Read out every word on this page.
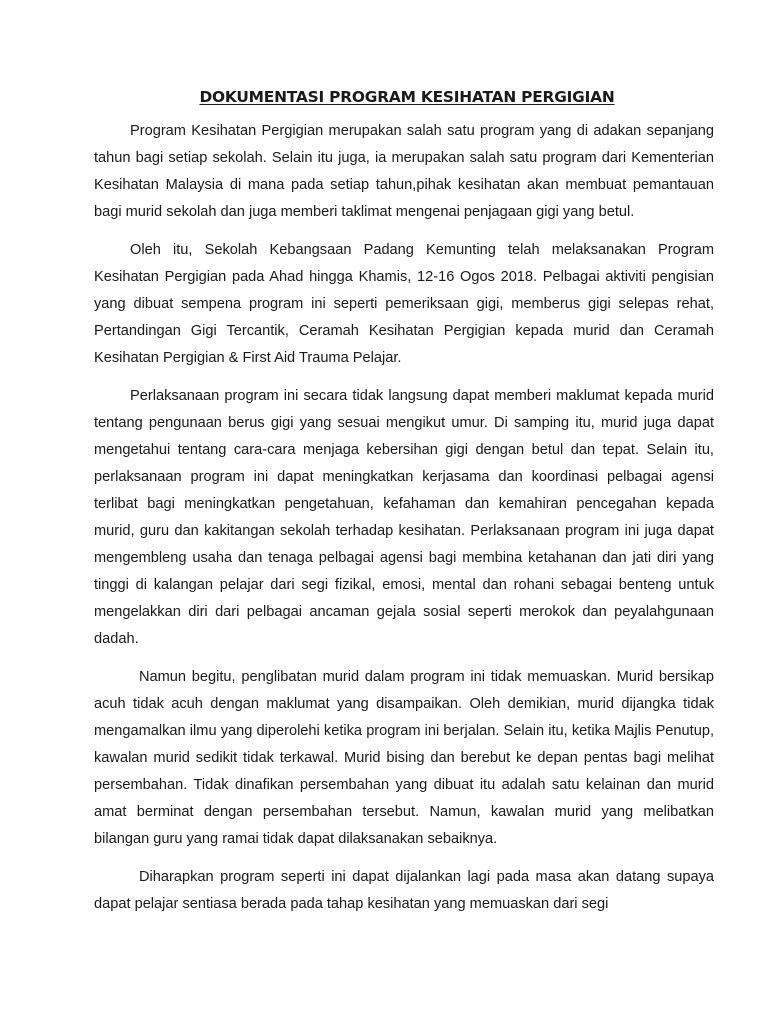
DOKUMENTASI PROGRAM KESIHATAN PERGIGIAN
Program Kesihatan Pergigian merupakan salah satu program yang di adakan sepanjang tahun bagi setiap sekolah. Selain itu juga, ia merupakan salah satu program dari Kementerian Kesihatan Malaysia di mana pada setiap tahun,pihak kesihatan akan membuat pemantauan bagi murid sekolah dan juga memberi taklimat mengenai penjagaan gigi yang betul.
Oleh itu, Sekolah Kebangsaan Padang Kemunting telah melaksanakan Program Kesihatan Pergigian pada Ahad hingga Khamis, 12-16 Ogos 2018. Pelbagai aktiviti pengisian yang dibuat sempena program ini seperti pemeriksaan gigi, memberus gigi selepas rehat, Pertandingan Gigi Tercantik, Ceramah Kesihatan Pergigian kepada murid dan Ceramah Kesihatan Pergigian & First Aid Trauma Pelajar.
Perlaksanaan program ini secara tidak langsung dapat memberi maklumat kepada murid tentang pengunaan berus gigi yang sesuai mengikut umur. Di samping itu, murid juga dapat mengetahui tentang cara-cara menjaga kebersihan gigi dengan betul dan tepat. Selain itu, perlaksanaan program ini dapat meningkatkan kerjasama dan koordinasi pelbagai agensi terlibat bagi meningkatkan pengetahuan, kefahaman dan kemahiran pencegahan kepada murid, guru dan kakitangan sekolah terhadap kesihatan. Perlaksanaan program ini juga dapat mengembleng usaha dan tenaga pelbagai agensi bagi membina ketahanan dan jati diri yang tinggi di kalangan pelajar dari segi fizikal, emosi, mental dan rohani sebagai benteng untuk mengelakkan diri dari pelbagai ancaman gejala sosial seperti merokok dan peyalahgunaan dadah.
Namun begitu, penglibatan murid dalam program ini tidak memuaskan. Murid bersikap acuh tidak acuh dengan maklumat yang disampaikan. Oleh demikian, murid dijangka tidak mengamalkan ilmu yang diperolehi ketika program ini berjalan. Selain itu, ketika Majlis Penutup, kawalan murid sedikit tidak terkawal. Murid bising dan berebut ke depan pentas bagi melihat persembahan. Tidak dinafikan persembahan yang dibuat itu adalah satu kelainan dan murid amat berminat dengan persembahan tersebut. Namun, kawalan murid yang melibatkan bilangan guru yang ramai tidak dapat dilaksanakan sebaiknya.
Diharapkan program seperti ini dapat dijalankan lagi pada masa akan datang supaya dapat pelajar sentiasa berada pada tahap kesihatan yang memuaskan dari segi
